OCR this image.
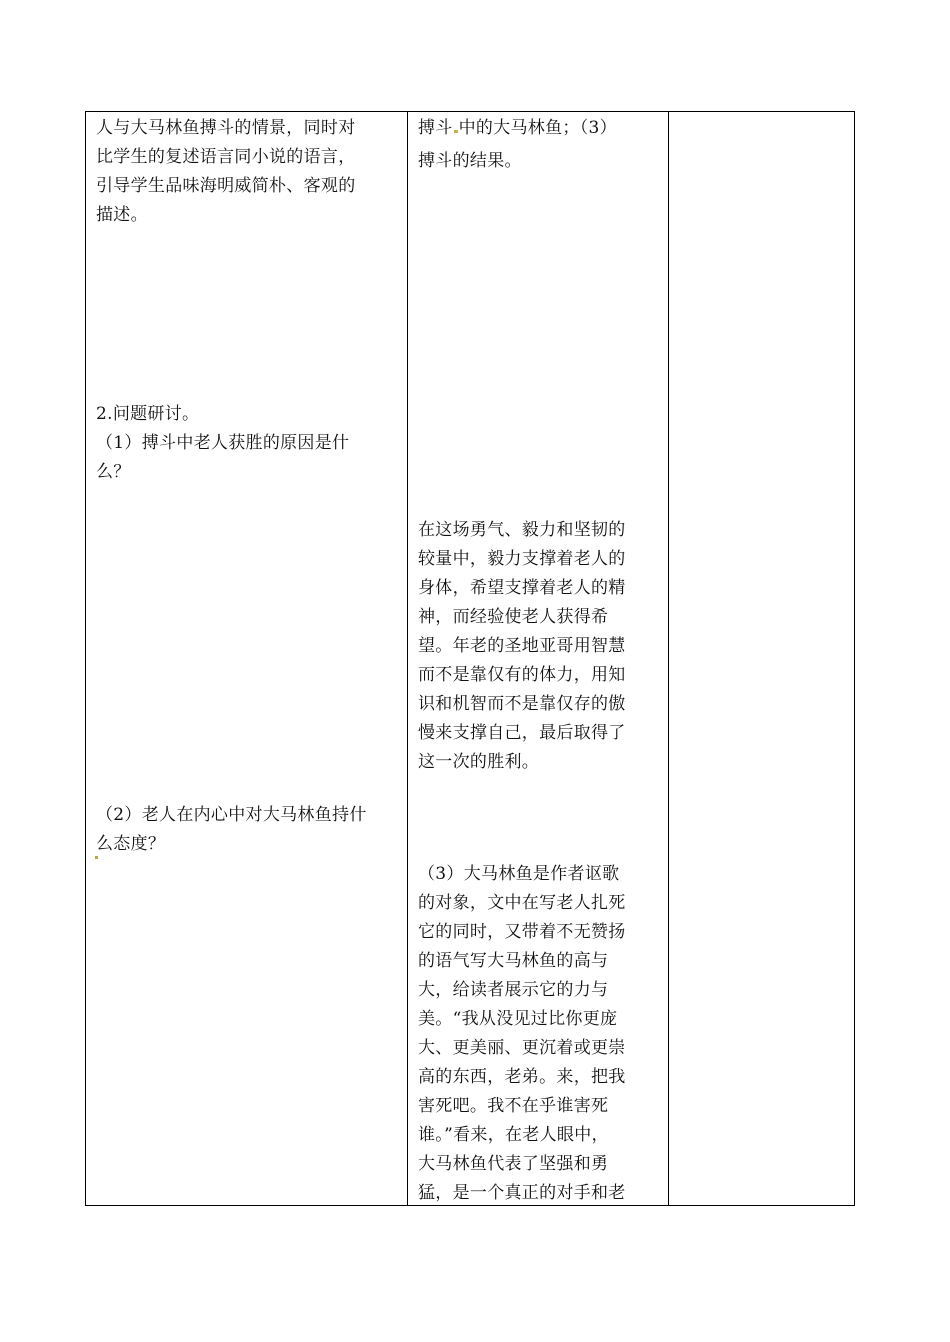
人与大马林鱼搏斗的情景，同时对

比学生的复述语言同小说的语言，

引导学生品味海明威简朴、客观的

描述。

2.问题研讨。

（1）搏斗中老人获胜的原因是什

么？

（2）老人在内心中对大马林鱼持什

么态度？

搏斗 中的大马林鱼；（3）

搏斗的结果。

在这场勇气、毅力和坚韧的

较量中，毅力支撑着老人的

身体，希望支撑着老人的精

神，而经验使老人获得希

望。年老的圣地亚哥用智慧

而不是靠仅有的体力，用知

识和机智而不是靠仅存的傲

慢来支撑自己，最后取得了

这一次的胜利。

（3）大马林鱼是作者讴歌

的对象，文中在写老人扎死

它的同时，又带着不无赞扬

的语气写大马林鱼的高与

大，给读者展示它的力与

美。“我从没见过比你更庞

大、更美丽、更沉着或更崇

高的东西，老弟。来，把我

害死吧。我不在乎谁害死

谁。”看来，在老人眼中，

大马林鱼代表了坚强和勇

猛，是一个真正的对手和老
